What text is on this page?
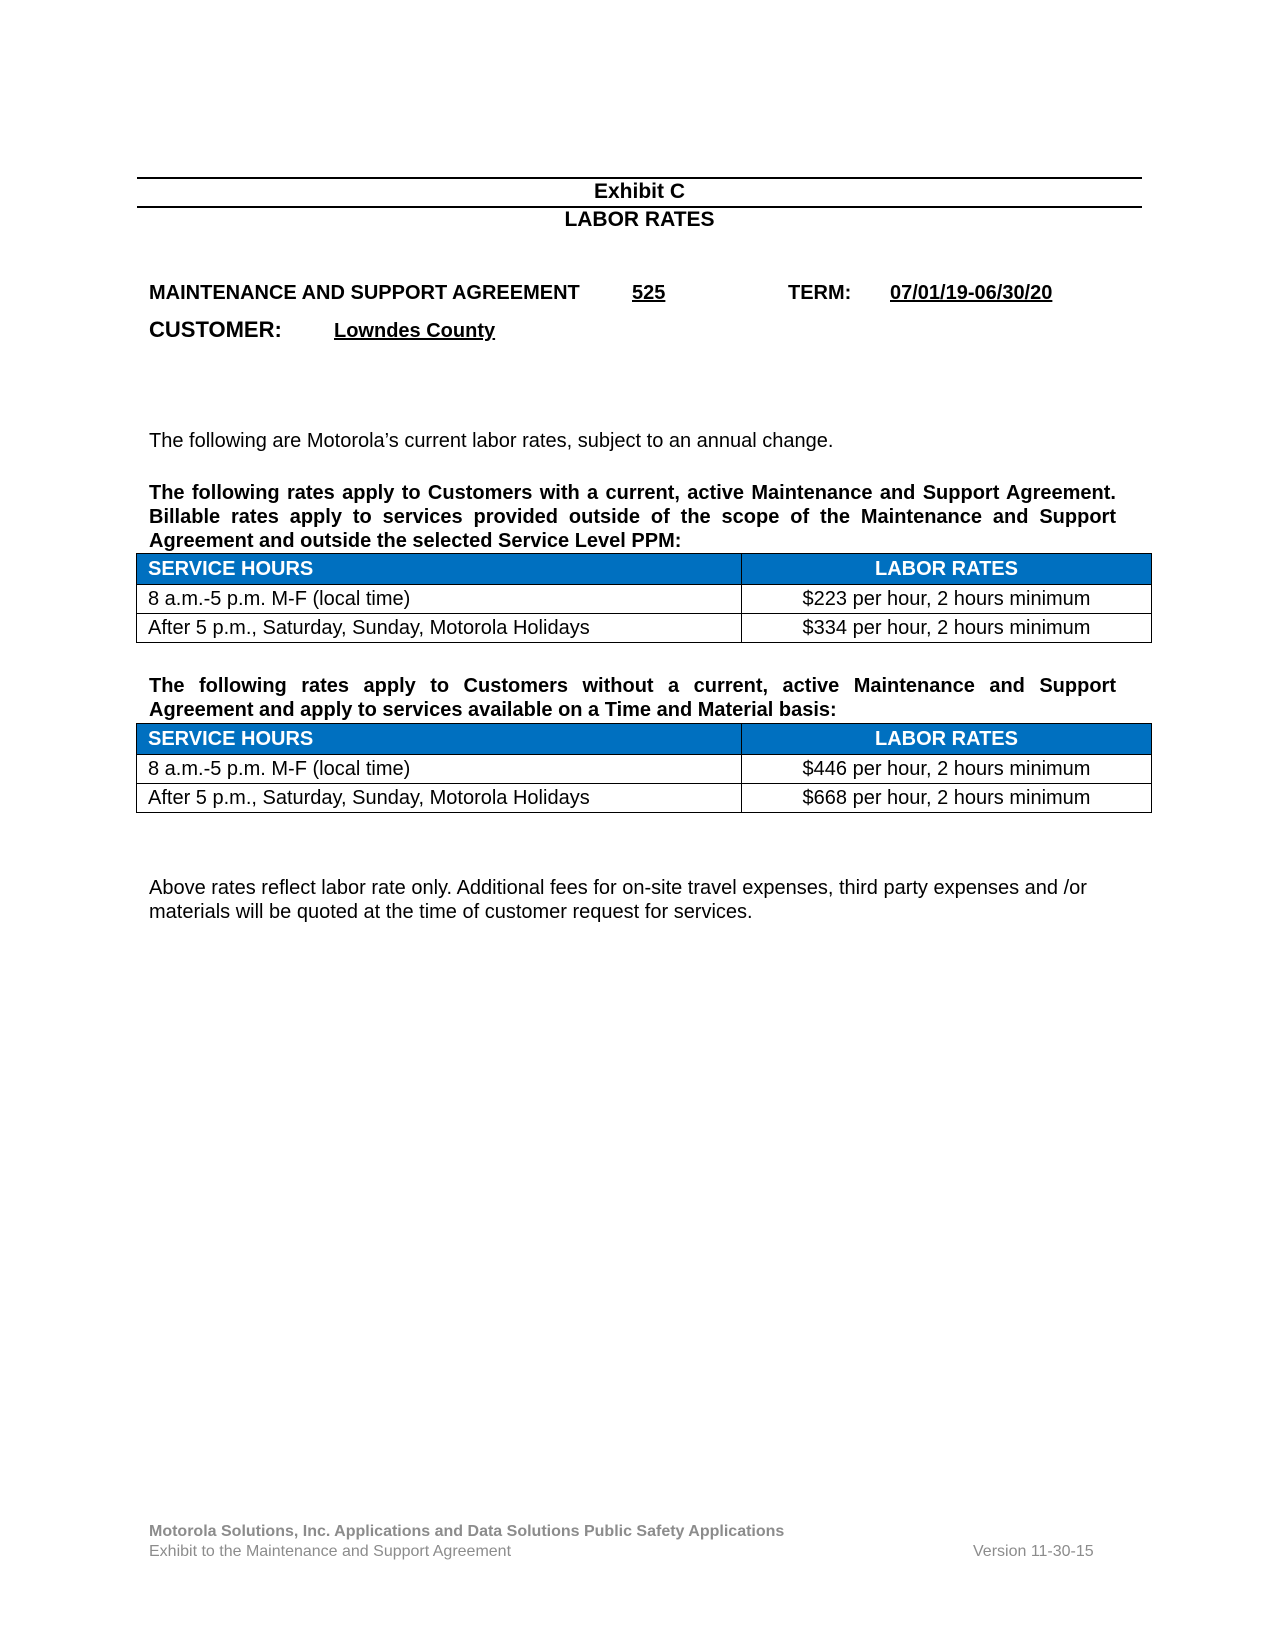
Exhibit C
LABOR RATES
MAINTENANCE AND SUPPORT AGREEMENT	525	TERM: 07/01/19-06/30/20
CUSTOMER:	Lowndes County
The following are Motorola’s current labor rates, subject to an annual change.
The following rates apply to Customers with a current, active Maintenance and Support Agreement. Billable rates apply to services provided outside of the scope of the Maintenance and Support Agreement and outside the selected Service Level PPM:
SERVICE HOURS	LABOR RATES
8 a.m.-5 p.m. M-F (local time)	$223 per hour, 2 hours minimum
After 5 p.m., Saturday, Sunday, Motorola Holidays	$334 per hour, 2 hours minimum
The following rates apply to Customers without a current, active Maintenance and Support Agreement and apply to services available on a Time and Material basis:
SERVICE HOURS	LABOR RATES
8 a.m.-5 p.m. M-F (local time)	$446 per hour, 2 hours minimum
After 5 p.m., Saturday, Sunday, Motorola Holidays	$668 per hour, 2 hours minimum
Above rates reflect labor rate only. Additional fees for on-site travel expenses, third party expenses and /or materials will be quoted at the time of customer request for services.
Motorola Solutions, Inc. Applications and Data Solutions Public Safety Applications
Exhibit to the Maintenance and Support Agreement	Version 11-30-15
